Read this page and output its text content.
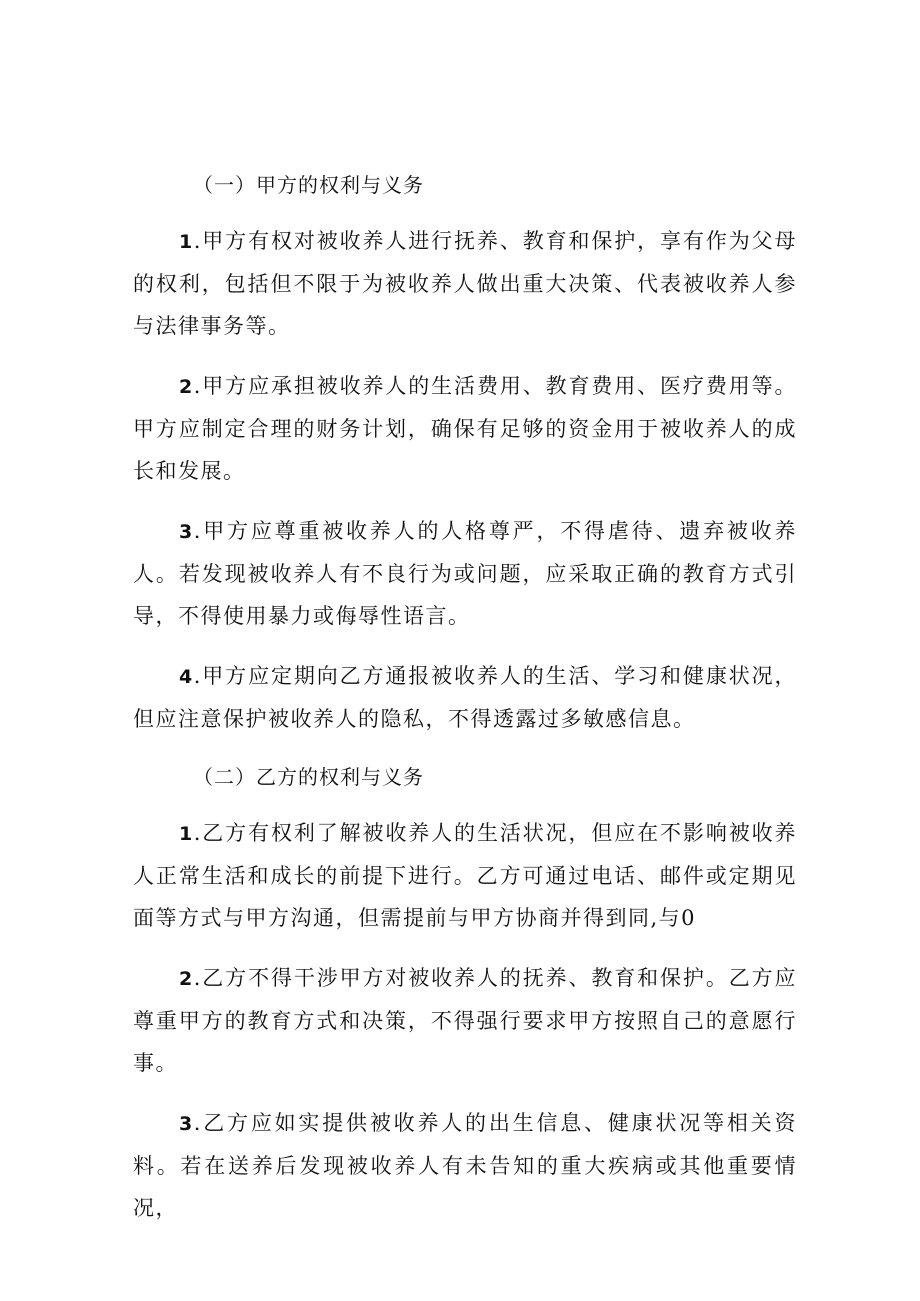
（一）甲方的权利与义务

1.甲方有权对被收养人进行抚养、教育和保护，享有作为父母的权利，包括但不限于为被收养人做出重大决策、代表被收养人参与法律事务等。

2.甲方应承担被收养人的生活费用、教育费用、医疗费用等。甲方应制定合理的财务计划，确保有足够的资金用于被收养人的成长和发展。

3.甲方应尊重被收养人的人格尊严，不得虐待、遗弃被收养人。若发现被收养人有不良行为或问题，应采取正确的教育方式引导，不得使用暴力或侮辱性语言。

4.甲方应定期向乙方通报被收养人的生活、学习和健康状况，但应注意保护被收养人的隐私，不得透露过多敏感信息。

（二）乙方的权利与义务

1.乙方有权利了解被收养人的生活状况，但应在不影响被收养人正常生活和成长的前提下进行。乙方可通过电话、邮件或定期见面等方式与甲方沟通，但需提前与甲方协商并得到同,与0

2.乙方不得干涉甲方对被收养人的抚养、教育和保护。乙方应尊重甲方的教育方式和决策，不得强行要求甲方按照自己的意愿行事。

3.乙方应如实提供被收养人的出生信息、健康状况等相关资料。若在送养后发现被收养人有未告知的重大疾病或其他重要情况，
